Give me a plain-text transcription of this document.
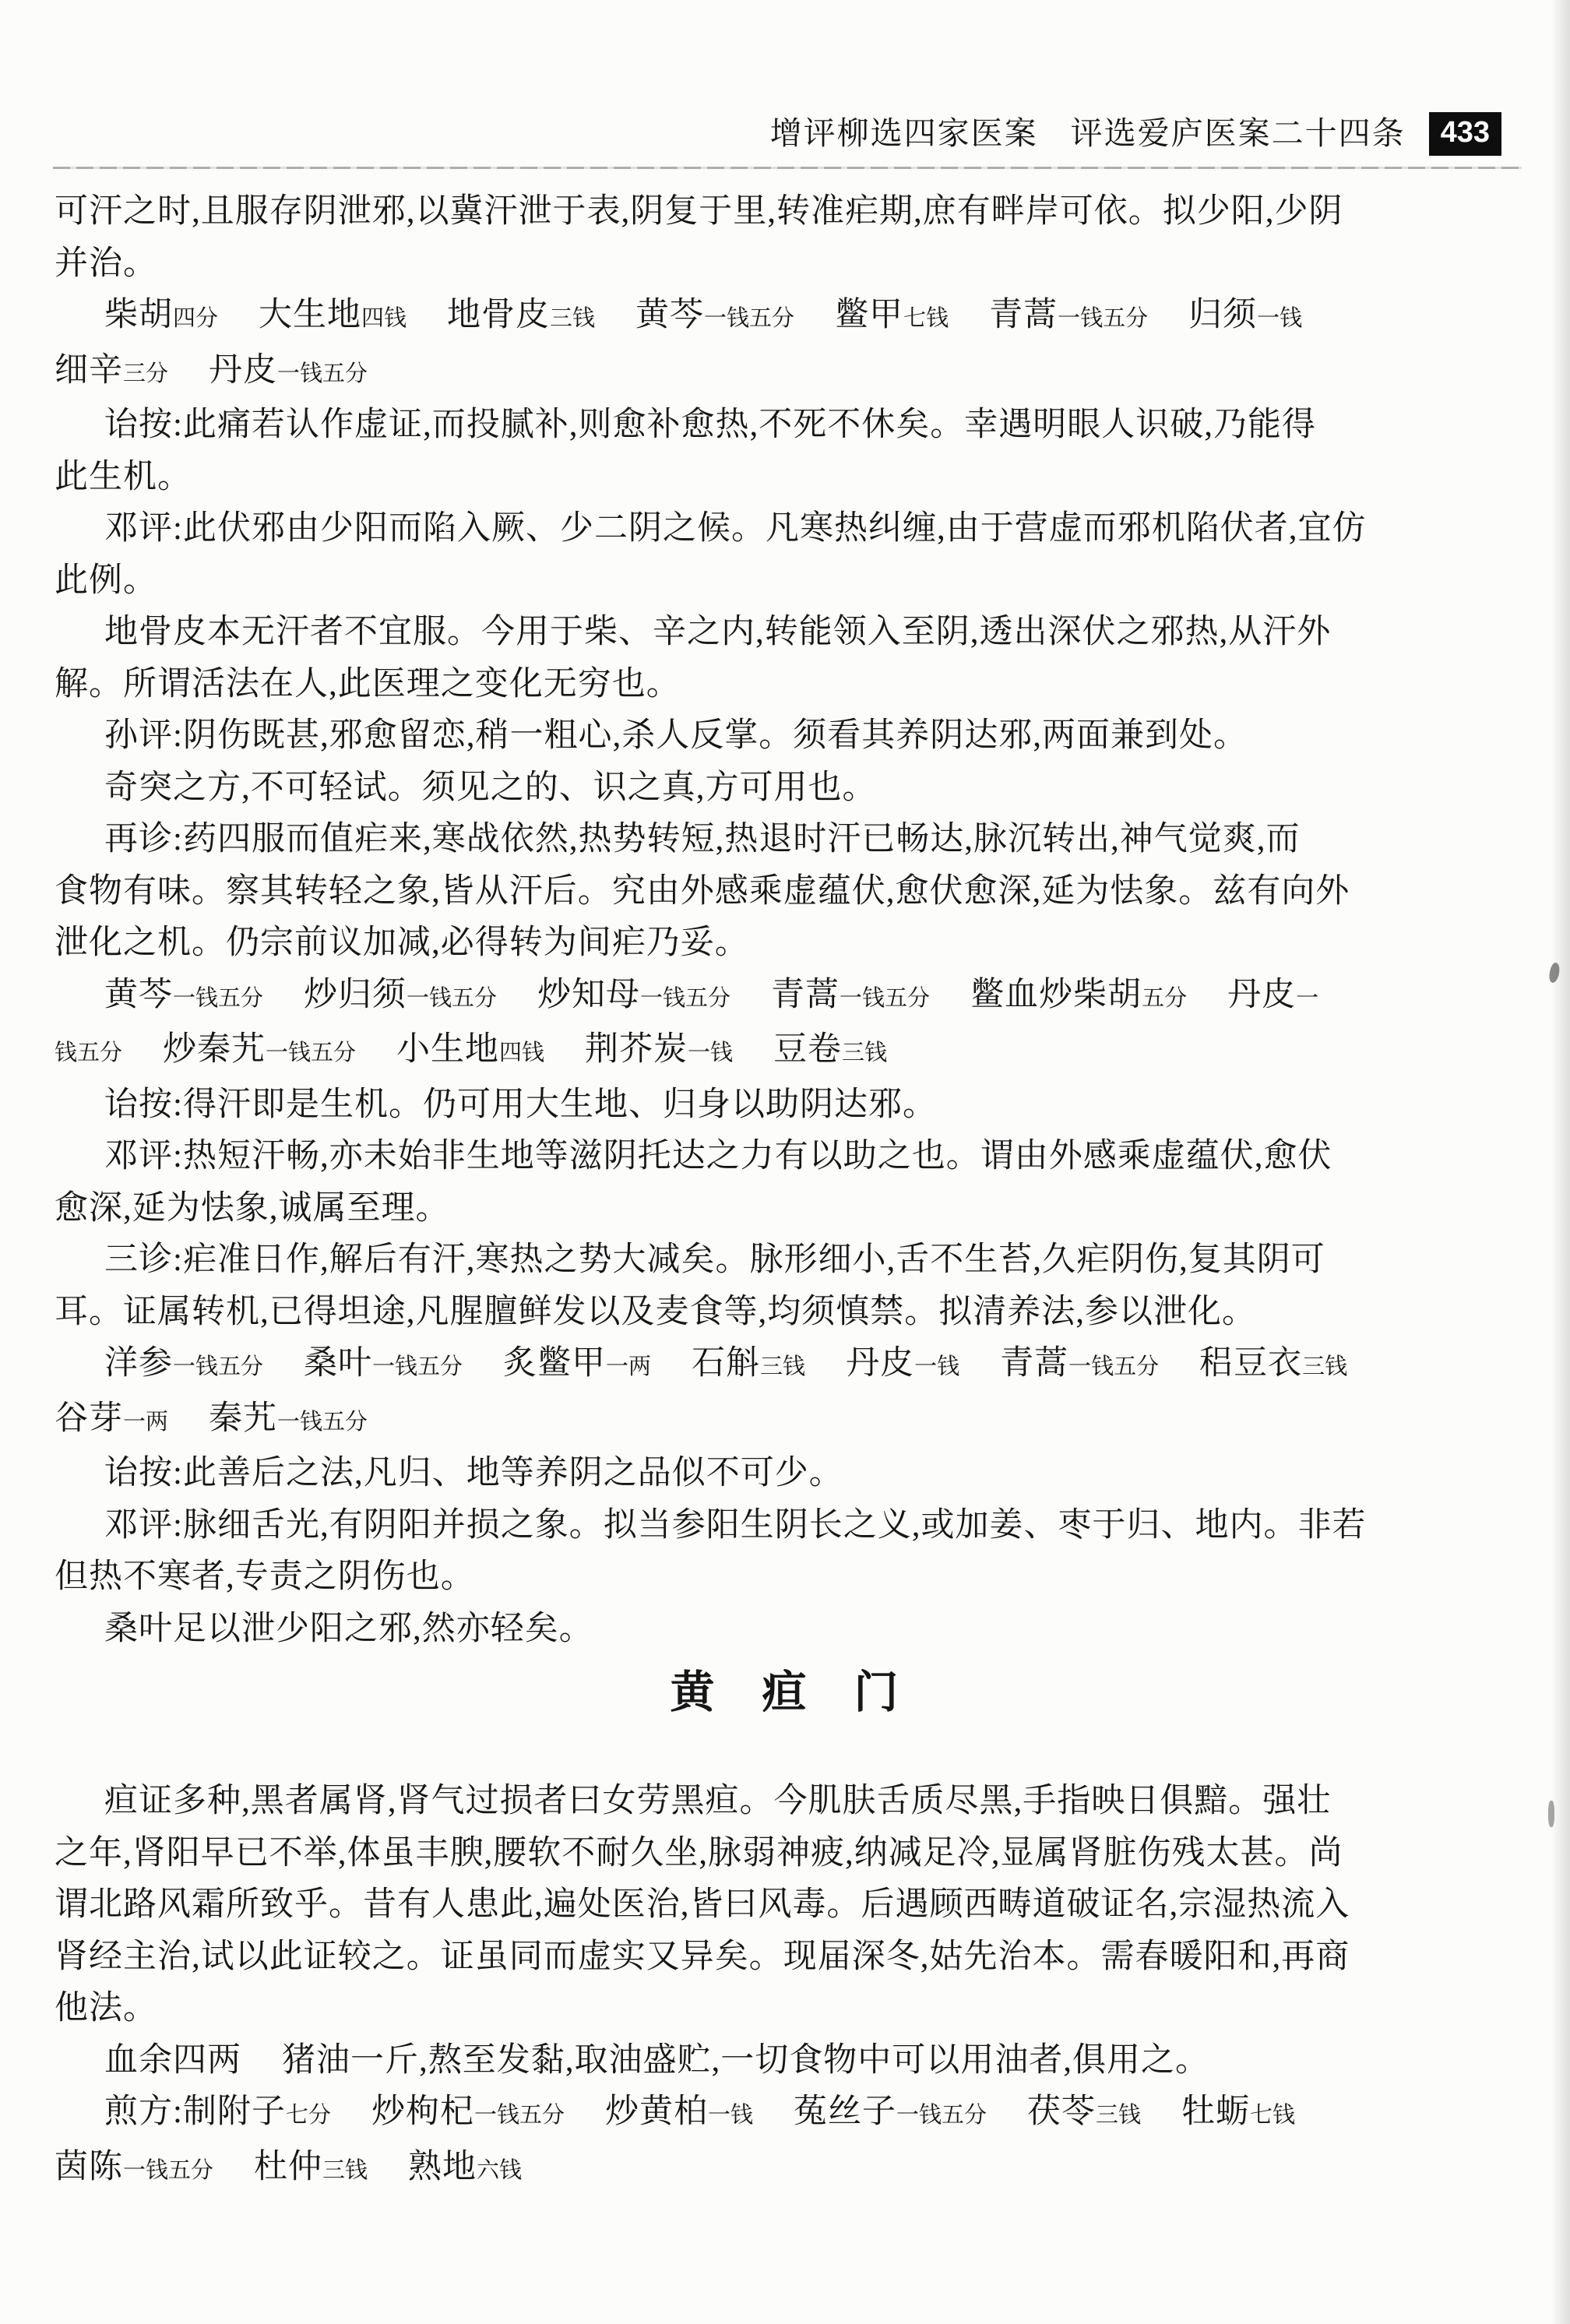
增评柳选四家医案 评选爱庐医案二十四条	433
可汗之时,且服存阴泄邪,以冀汗泄于表,阴复于里,转准疟期,庶有畔岸可依。拟少阳,少阴
并治。
柴胡四分 大生地四钱 地骨皮三钱 黄芩一钱五分 鳖甲七钱 青蒿一钱五分 归须一钱
细辛三分 丹皮一钱五分
诒按:此痛若认作虚证,而投腻补,则愈补愈热,不死不休矣。幸遇明眼人识破,乃能得
此生机。
邓评:此伏邪由少阳而陷入厥、少二阴之候。凡寒热纠缠,由于营虚而邪机陷伏者,宜仿
此例。
地骨皮本无汗者不宜服。今用于柴、辛之内,转能领入至阴,透出深伏之邪热,从汗外
解。所谓活法在人,此医理之变化无穷也。
孙评:阴伤既甚,邪愈留恋,稍一粗心,杀人反掌。须看其养阴达邪,两面兼到处。
奇突之方,不可轻试。须见之的、识之真,方可用也。
再诊:药四服而值疟来,寒战依然,热势转短,热退时汗已畅达,脉沉转出,神气觉爽,而
食物有味。察其转轻之象,皆从汗后。究由外感乘虚蕴伏,愈伏愈深,延为怯象。兹有向外
泄化之机。仍宗前议加减,必得转为间疟乃妥。
黄芩一钱五分 炒归须一钱五分 炒知母一钱五分 青蒿一钱五分 鳖血炒柴胡五分 丹皮一
钱五分 炒秦艽一钱五分 小生地四钱 荆芥炭一钱 豆卷三钱
诒按:得汗即是生机。仍可用大生地、归身以助阴达邪。
邓评:热短汗畅,亦未始非生地等滋阴托达之力有以助之也。谓由外感乘虚蕴伏,愈伏
愈深,延为怯象,诚属至理。
三诊:疟准日作,解后有汗,寒热之势大减矣。脉形细小,舌不生苔,久疟阴伤,复其阴可
耳。证属转机,已得坦途,凡腥膻鲜发以及麦食等,均须慎禁。拟清养法,参以泄化。
洋参一钱五分 桑叶一钱五分 炙鳖甲一两 石斛三钱 丹皮一钱 青蒿一钱五分 稆豆衣三钱
谷芽一两 秦艽一钱五分
诒按:此善后之法,凡归、地等养阴之品似不可少。
邓评:脉细舌光,有阴阳并损之象。拟当参阳生阴长之义,或加姜、枣于归、地内。非若
但热不寒者,专责之阴伤也。
桑叶足以泄少阳之邪,然亦轻矣。
黄　疸　门
疸证多种,黑者属肾,肾气过损者曰女劳黑疸。今肌肤舌质尽黑,手指映日俱黯。强壮
之年,肾阳早已不举,体虽丰腴,腰软不耐久坐,脉弱神疲,纳减足冷,显属肾脏伤残太甚。尚
谓北路风霜所致乎。昔有人患此,遍处医治,皆曰风毒。后遇顾西畴道破证名,宗湿热流入
肾经主治,试以此证较之。证虽同而虚实又异矣。现届深冬,姑先治本。需春暖阳和,再商
他法。
血余四两 猪油一斤,熬至发黏,取油盛贮,一切食物中可以用油者,俱用之。
煎方:制附子七分 炒枸杞一钱五分 炒黄柏一钱 菟丝子一钱五分 茯苓三钱 牡蛎七钱
茵陈一钱五分 杜仲三钱 熟地六钱
